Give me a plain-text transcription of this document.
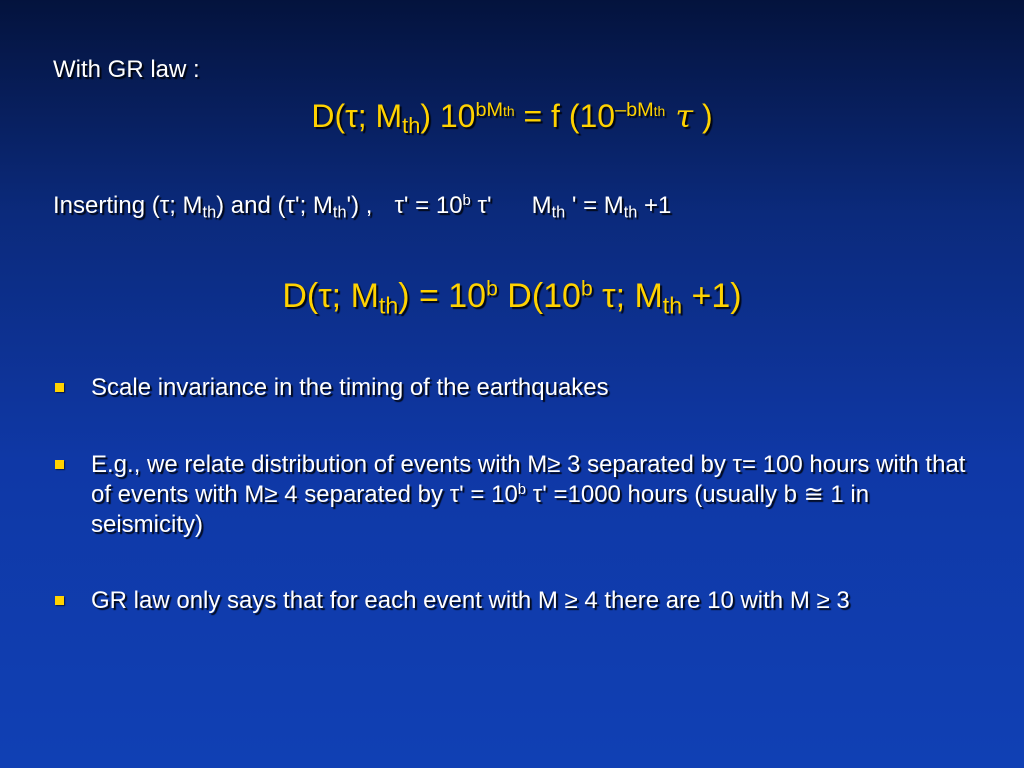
With GR law :
D(τ; Mth) $10^{bMth} = f$ ($10^{-bMth}$ τ )
Inserting (τ; Mth) and (τ'; Mth') , $\tau' = 10^b$ τ' Mth ' = Mth +1
D(τ; $Mth) = 10^b$ D(10$^b$ τ; Mth +1)
Scale invariance in the timing of the earthquakes
E.g., we relate distribution of events with M≥ 3 separated by τ= 100 hours with that of events with M≥ 4 separated by $\tau' = 10^b$ τ' =1000 hours (usually b ≅ 1 in seismicity)
GR law only says that for each event with M ≥ 4 there are 10 with M ≥ 3
